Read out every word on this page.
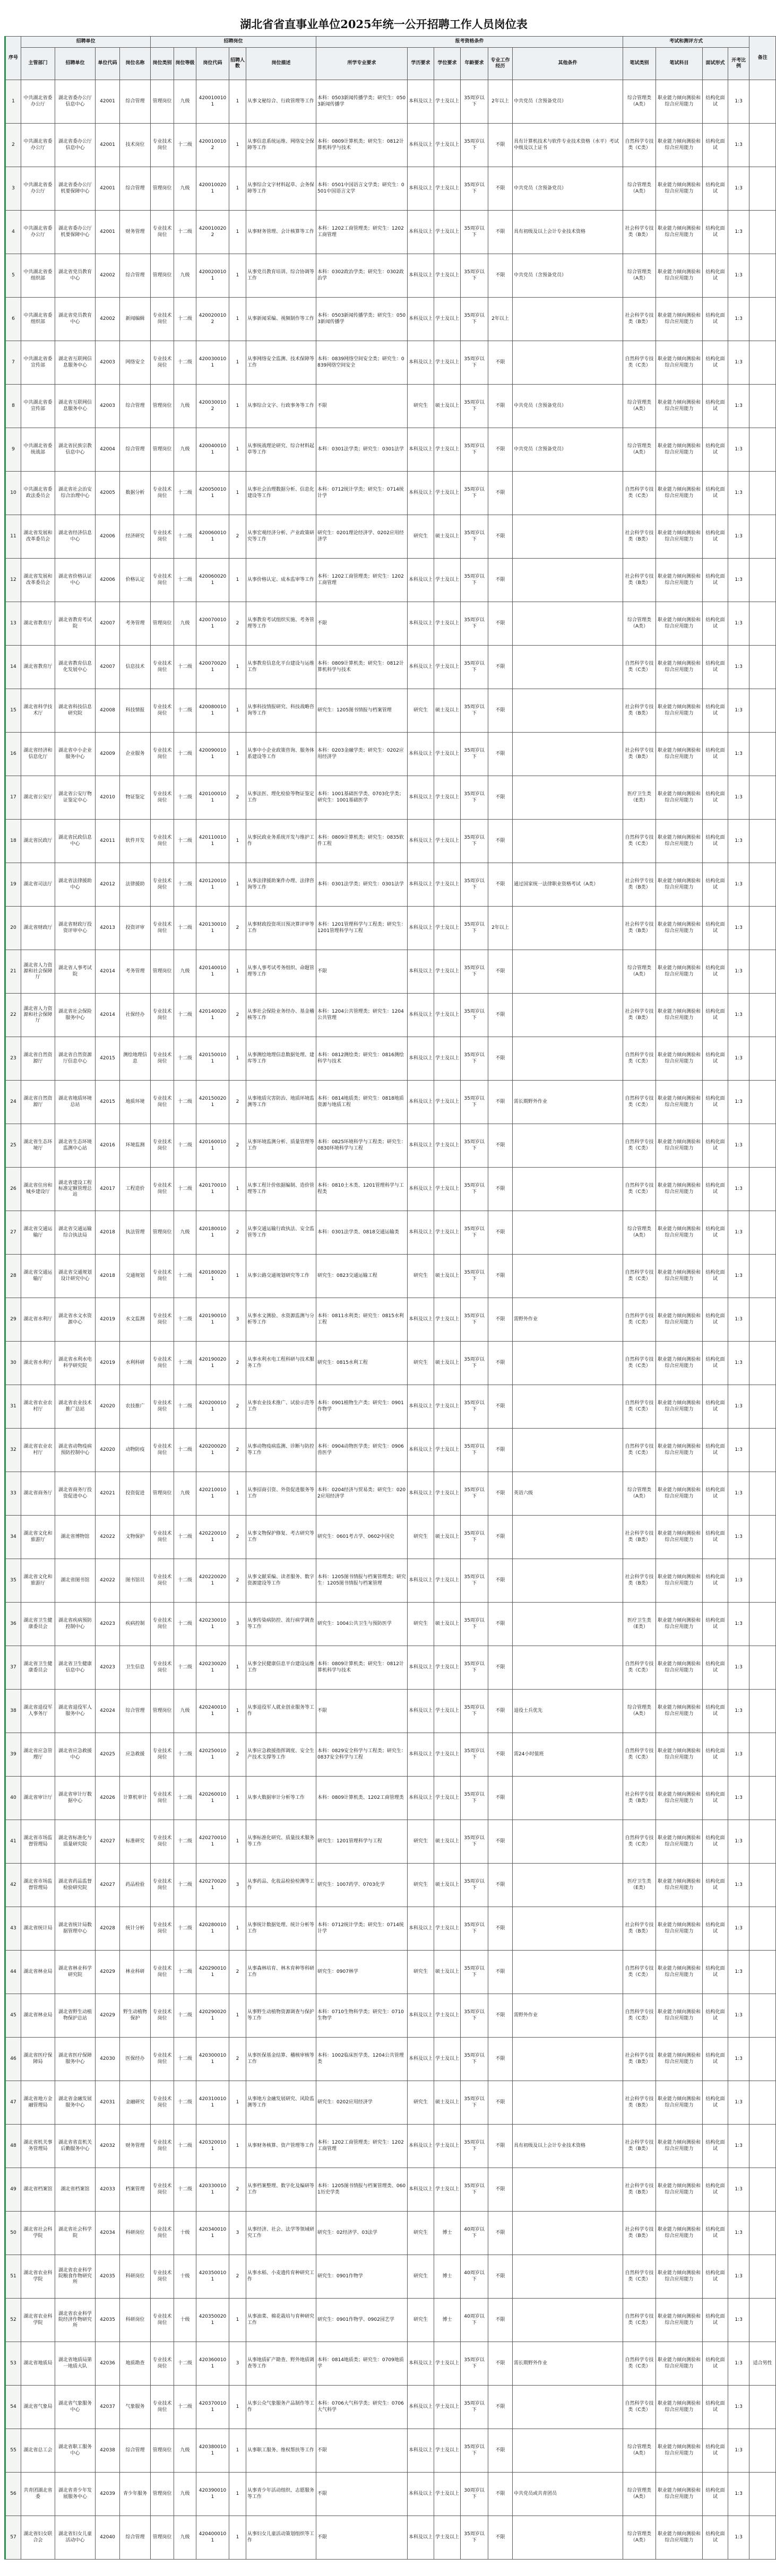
湖北省省直事业单位2025年统一公开招聘工作人员岗位表
序号	招聘单位				招聘岗位					报考资格条件						考试和测评方式				备注
	主管部门	招聘单位	单位代码	岗位名称	岗位类别	岗位等级	岗位代码	招聘人数	岗位描述	所学专业要求	学历要求	学位要求	年龄要求	专业工作经历	其他条件	笔试类别	笔试科目	面试形式	开考比例	
1	中共湖北省委办公厅	湖北省委办公厅信息中心	42001	综合管理	管理岗位	九级	4200100101	1	从事文秘综合、行政管理等工作	本科：0503新闻传播学类；研究生：0503新闻传播学	本科及以上	学士及以上	35周岁以下	2年以上	中共党员（含预备党员）	综合管理类（A类）	职业能力倾向测验和综合应用能力	结构化面试	1:3	
2	中共湖北省委办公厅	湖北省委办公厅信息中心	42001	技术岗位	专业技术岗位	十二级	4200100102	1	从事信息系统运维、网络安全保障等工作	本科：0809计算机类；研究生：0812计算机科学与技术	本科及以上	学士及以上	35周岁以下	不限	具有计算机技术与软件专业技术资格（水平）考试中级及以上证书	自然科学专技类（C类）	职业能力倾向测验和综合应用能力	结构化面试	1:3	
3	中共湖北省委办公厅	湖北省委办公厅机要保障中心	42001	综合管理	管理岗位	九级	4200100201	1	从事综合文字材料起草、会务保障等工作	本科：0501中国语言文学类；研究生：0501中国语言文学	本科及以上	学士及以上	35周岁以下	不限	中共党员（含预备党员）	综合管理类（A类）	职业能力倾向测验和综合应用能力	结构化面试	1:3	
4	中共湖北省委办公厅	湖北省委办公厅机要保障中心	42001	财务管理	专业技术岗位	十二级	4200100202	1	从事财务管理、会计核算等工作	本科：1202工商管理类；研究生：1202工商管理	本科及以上	学士及以上	35周岁以下	不限	具有初级及以上会计专业技术资格	社会科学专技类（B类）	职业能力倾向测验和综合应用能力	结构化面试	1:3	
5	中共湖北省委组织部	湖北省党员教育中心	42002	综合管理	管理岗位	九级	4200200101	1	从事党员教育培训、综合协调等工作	本科：0302政治学类；研究生：0302政治学	本科及以上	学士及以上	35周岁以下	不限	中共党员（含预备党员）	综合管理类（A类）	职业能力倾向测验和综合应用能力	结构化面试	1:3	
6	中共湖北省委组织部	湖北省党员教育中心	42002	新闻编辑	专业技术岗位	十二级	4200200102	1	从事新闻采编、视频制作等工作	本科：0503新闻传播学类；研究生：0503新闻传播学	本科及以上	学士及以上	35周岁以下	2年以上		社会科学专技类（B类）	职业能力倾向测验和综合应用能力	结构化面试	1:3	
7	中共湖北省委宣传部	湖北省互联网信息服务中心	42003	网络安全	专业技术岗位	十二级	4200300101	1	从事网络安全监测、技术保障等工作	本科：0839网络空间安全类；研究生：0839网络空间安全	本科及以上	学士及以上	35周岁以下	不限		自然科学专技类（C类）	职业能力倾向测验和综合应用能力	结构化面试	1:3	
8	中共湖北省委宣传部	湖北省互联网信息服务中心	42003	综合管理	管理岗位	九级	4200300102	1	从事综合文字、行政事务等工作	不限	研究生	硕士及以上	35周岁以下	不限	中共党员（含预备党员）	综合管理类（A类）	职业能力倾向测验和综合应用能力	结构化面试	1:3	
9	中共湖北省委统战部	湖北省民族宗教信息中心	42004	综合管理	管理岗位	九级	4200400101	1	从事统战理论研究、综合材料起草等工作	本科：0301法学类；研究生：0301法学	本科及以上	学士及以上	35周岁以下	不限	中共党员（含预备党员）	综合管理类（A类）	职业能力倾向测验和综合应用能力	结构化面试	1:3	
10	中共湖北省委政法委员会	湖北省社会治安综合治理中心	42005	数据分析	专业技术岗位	十二级	4200500101	1	从事社会治理数据分析、信息化建设等工作	本科：0712统计学类；研究生：0714统计学	本科及以上	学士及以上	35周岁以下	不限		自然科学专技类（C类）	职业能力倾向测验和综合应用能力	结构化面试	1:3	
11	湖北省发展和改革委员会	湖北省经济信息中心	42006	经济研究	专业技术岗位	十二级	4200600101	2	从事宏观经济分析、产业政策研究等工作	研究生：0201理论经济学、0202应用经济学	研究生	硕士及以上	35周岁以下	不限		社会科学专技类（B类）	职业能力倾向测验和综合应用能力	结构化面试	1:3	
12	湖北省发展和改革委员会	湖北省价格认证中心	42006	价格认定	专业技术岗位	十二级	4200600201	1	从事价格认定、成本监审等工作	本科：1202工商管理类；研究生：1202工商管理	本科及以上	学士及以上	35周岁以下	不限		社会科学专技类（B类）	职业能力倾向测验和综合应用能力	结构化面试	1:3	
13	湖北省教育厅	湖北省教育考试院	42007	考务管理	管理岗位	九级	4200700101	2	从事教育考试组织实施、考务管理等工作	不限	本科及以上	学士及以上	35周岁以下	不限		综合管理类（A类）	职业能力倾向测验和综合应用能力	结构化面试	1:3	
14	湖北省教育厅	湖北省教育信息化发展中心	42007	信息技术	专业技术岗位	十二级	4200700201	1	从事教育信息化平台建设与运维工作	本科：0809计算机类；研究生：0812计算机科学与技术	本科及以上	学士及以上	35周岁以下	不限		自然科学专技类（C类）	职业能力倾向测验和综合应用能力	结构化面试	1:3	
15	湖北省科学技术厅	湖北省科技信息研究院	42008	科技情报	专业技术岗位	十二级	4200800101	1	从事科技情报研究、科技战略咨询等工作	研究生：1205图书情报与档案管理	研究生	硕士及以上	35周岁以下	不限		社会科学专技类（B类）	职业能力倾向测验和综合应用能力	结构化面试	1:3	
16	湖北省经济和信息化厅	湖北省中小企业服务中心	42009	企业服务	专业技术岗位	十二级	4200900101	1	从事中小企业政策咨询、服务体系建设等工作	本科：0203金融学类；研究生：0202应用经济学	本科及以上	学士及以上	35周岁以下	不限		社会科学专技类（B类）	职业能力倾向测验和综合应用能力	结构化面试	1:3	
17	湖北省公安厅	湖北省公安厅物证鉴定中心	42010	物证鉴定	专业技术岗位	十二级	4201000101	2	从事法医、理化检验等物证鉴定工作	本科：1001基础医学类、0703化学类；研究生：1001基础医学	本科及以上	学士及以上	35周岁以下	不限		医疗卫生类（E类）	职业能力倾向测验和综合应用能力	结构化面试	1:3	
18	湖北省民政厅	湖北省民政信息中心	42011	软件开发	专业技术岗位	十二级	4201100101	1	从事民政业务系统开发与维护工作	本科：0809计算机类；研究生：0835软件工程	本科及以上	学士及以上	35周岁以下	不限		自然科学专技类（C类）	职业能力倾向测验和综合应用能力	结构化面试	1:3	
19	湖北省司法厅	湖北省法律援助中心	42012	法律援助	专业技术岗位	十二级	4201200101	1	从事法律援助案件办理、法律咨询等工作	本科：0301法学类；研究生：0301法学	本科及以上	学士及以上	35周岁以下	不限	通过国家统一法律职业资格考试（A类）	社会科学专技类（B类）	职业能力倾向测验和综合应用能力	结构化面试	1:3	
20	湖北省财政厅	湖北省财政厅投资评审中心	42013	投资评审	专业技术岗位	十二级	4201300101	2	从事财政投资项目预决算评审等工作	本科：1201管理科学与工程类；研究生：1201管理科学与工程	本科及以上	学士及以上	35周岁以下	2年以上		社会科学专技类（B类）	职业能力倾向测验和综合应用能力	结构化面试	1:3	
21	湖北省人力资源和社会保障厅	湖北省人事考试院	42014	考务管理	管理岗位	九级	4201400101	1	从事人事考试考务组织、命题管理等工作	不限	本科及以上	学士及以上	35周岁以下	不限		综合管理类（A类）	职业能力倾向测验和综合应用能力	结构化面试	1:3	
22	湖北省人力资源和社会保障厅	湖北省社会保险服务中心	42014	社保经办	专业技术岗位	十二级	4201400201	2	从事社会保险业务经办、基金稽核等工作	本科：1204公共管理类；研究生：1204公共管理	本科及以上	学士及以上	35周岁以下	不限		社会科学专技类（B类）	职业能力倾向测验和综合应用能力	结构化面试	1:3	
23	湖北省自然资源厅	湖北省自然资源厅信息中心	42015	测绘地理信息	专业技术岗位	十二级	4201500101	1	从事测绘地理信息数据处理、建库等工作	本科：0812测绘类；研究生：0816测绘科学与技术	本科及以上	学士及以上	35周岁以下	不限		自然科学专技类（C类）	职业能力倾向测验和综合应用能力	结构化面试	1:3	
24	湖北省自然资源厅	湖北省地质环境总站	42015	地质环境	专业技术岗位	十二级	4201500201	2	从事地质灾害防治、地质环境监测等工作	本科：0814地质类；研究生：0818地质资源与地质工程	本科及以上	学士及以上	35周岁以下	不限	需长期野外作业	自然科学专技类（C类）	职业能力倾向测验和综合应用能力	结构化面试	1:3	
25	湖北省生态环境厅	湖北省生态环境监测中心站	42016	环境监测	专业技术岗位	十二级	4201600101	2	从事环境监测分析、质量管理等工作	本科：0825环境科学与工程类；研究生：0830环境科学与工程	本科及以上	学士及以上	35周岁以下	不限		自然科学专技类（C类）	职业能力倾向测验和综合应用能力	结构化面试	1:3	
26	湖北省住房和城乡建设厅	湖北省建设工程标准定额管理总站	42017	工程造价	专业技术岗位	十二级	4201700101	1	从事工程计价依据编制、造价管理等工作	本科：0810土木类、1201管理科学与工程类	本科及以上	学士及以上	35周岁以下	不限		自然科学专技类（C类）	职业能力倾向测验和综合应用能力	结构化面试	1:3	
27	湖北省交通运输厅	湖北省交通运输综合执法局	42018	执法管理	管理岗位	九级	4201800101	2	从事交通运输行政执法、安全监管等工作	本科：0301法学类、0818交通运输类	本科及以上	学士及以上	35周岁以下	不限		综合管理类（A类）	职业能力倾向测验和综合应用能力	结构化面试	1:3	
28	湖北省交通运输厅	湖北省交通规划设计研究中心	42018	交通规划	专业技术岗位	十二级	4201800201	1	从事公路交通规划研究等工作	研究生：0823交通运输工程	研究生	硕士及以上	35周岁以下	不限		自然科学专技类（C类）	职业能力倾向测验和综合应用能力	结构化面试	1:3	
29	湖北省水利厅	湖北省水文水资源中心	42019	水文监测	专业技术岗位	十二级	4201900101	3	从事水文测验、水资源监测与分析等工作	本科：0811水利类；研究生：0815水利工程	本科及以上	学士及以上	35周岁以下	不限	需野外作业	自然科学专技类（C类）	职业能力倾向测验和综合应用能力	结构化面试	1:3	
30	湖北省水利厅	湖北省水利水电科学研究院	42019	水利科研	专业技术岗位	十二级	4201900201	2	从事水利水电工程科研与技术服务工作	研究生：0815水利工程	研究生	硕士及以上	35周岁以下	不限		自然科学专技类（C类）	职业能力倾向测验和综合应用能力	结构化面试	1:3	
31	湖北省农业农村厅	湖北省农业技术推广总站	42020	农技推广	专业技术岗位	十二级	4202000101	2	从事农业技术推广、试验示范等工作	本科：0901植物生产类；研究生：0901作物学	本科及以上	学士及以上	35周岁以下	不限		自然科学专技类（C类）	职业能力倾向测验和综合应用能力	结构化面试	1:3	
32	湖北省农业农村厅	湖北省动物疫病预防控制中心	42020	动物防疫	专业技术岗位	十二级	4202000201	2	从事动物疫病监测、诊断与防控等工作	本科：0904动物医学类；研究生：0906兽医学	本科及以上	学士及以上	35周岁以下	不限		自然科学专技类（C类）	职业能力倾向测验和综合应用能力	结构化面试	1:3	
33	湖北省商务厅	湖北省商务厅投资促进中心	42021	投资促进	管理岗位	九级	4202100101	1	从事招商引资、外资促进服务等工作	本科：0204经济与贸易类；研究生：0202应用经济学	本科及以上	学士及以上	35周岁以下	不限	英语六级	综合管理类（A类）	职业能力倾向测验和综合应用能力	结构化面试	1:3	
34	湖北省文化和旅游厅	湖北省博物馆	42022	文物保护	专业技术岗位	十二级	4202200101	2	从事文物保护修复、考古研究等工作	研究生：0601考古学、0602中国史	研究生	硕士及以上	35周岁以下	不限		社会科学专技类（B类）	职业能力倾向测验和综合应用能力	结构化面试	1:3	
35	湖北省文化和旅游厅	湖北省图书馆	42022	图书馆员	专业技术岗位	十二级	4202200201	2	从事文献采编、读者服务、数字资源建设等工作	本科：1205图书情报与档案管理类；研究生：1205图书情报与档案管理	本科及以上	学士及以上	35周岁以下	不限		社会科学专技类（B类）	职业能力倾向测验和综合应用能力	结构化面试	1:3	
36	湖北省卫生健康委员会	湖北省疾病预防控制中心	42023	疾病控制	专业技术岗位	十二级	4202300101	3	从事传染病防控、流行病学调查等工作	研究生：1004公共卫生与预防医学	研究生	硕士及以上	35周岁以下	不限		医疗卫生类（E类）	职业能力倾向测验和综合应用能力	结构化面试	1:3	
37	湖北省卫生健康委员会	湖北省卫生健康信息中心	42023	卫生信息	专业技术岗位	十二级	4202300201	1	从事全民健康信息平台建设运维工作	本科：0809计算机类；研究生：0812计算机科学与技术	本科及以上	学士及以上	35周岁以下	不限		自然科学专技类（C类）	职业能力倾向测验和综合应用能力	结构化面试	1:3	
38	湖北省退役军人事务厅	湖北省退役军人服务中心	42024	综合管理	管理岗位	九级	4202400101	1	从事退役军人就业创业服务等工作	不限	本科及以上	学士及以上	35周岁以下	不限	退役士兵优先	综合管理类（A类）	职业能力倾向测验和综合应用能力	结构化面试	1:3	
39	湖北省应急管理厅	湖北省应急救援中心	42025	应急救援	专业技术岗位	十二级	4202500101	2	从事应急救援指挥调度、安全生产技术支撑等工作	本科：0829安全科学与工程类；研究生：0837安全科学与工程	本科及以上	学士及以上	35周岁以下	不限	需24小时值班	自然科学专技类（C类）	职业能力倾向测验和综合应用能力	结构化面试	1:3	
40	湖北省审计厅	湖北省审计厅数据中心	42026	计算机审计	专业技术岗位	十二级	4202600101	1	从事大数据审计分析等工作	本科：0809计算机类、1202工商管理类	本科及以上	学士及以上	35周岁以下	不限		社会科学专技类（B类）	职业能力倾向测验和综合应用能力	结构化面试	1:3	
41	湖北省市场监督管理局	湖北省标准化与质量研究院	42027	标准研究	专业技术岗位	十二级	4202700101	1	从事标准化研究、质量技术服务等工作	研究生：1201管理科学与工程	研究生	硕士及以上	35周岁以下	不限		自然科学专技类（C类）	职业能力倾向测验和综合应用能力	结构化面试	1:3	
42	湖北省市场监督管理局	湖北省药品监督检验研究院	42027	药品检验	专业技术岗位	十二级	4202700201	3	从事药品、化妆品检验检测等工作	研究生：1007药学、0703化学	研究生	硕士及以上	35周岁以下	不限		医疗卫生类（E类）	职业能力倾向测验和综合应用能力	结构化面试	1:3	
43	湖北省统计局	湖北省统计局数据管理中心	42028	统计分析	专业技术岗位	十二级	4202800101	1	从事统计数据处理、统计分析等工作	本科：0712统计学类；研究生：0714统计学	本科及以上	学士及以上	35周岁以下	不限		社会科学专技类（B类）	职业能力倾向测验和综合应用能力	结构化面试	1:3	
44	湖北省林业局	湖北省林业科学研究院	42029	林业科研	专业技术岗位	十二级	4202900101	2	从事森林培育、林木育种等科研工作	研究生：0907林学	研究生	硕士及以上	35周岁以下	不限		自然科学专技类（C类）	职业能力倾向测验和综合应用能力	结构化面试	1:3	
45	湖北省林业局	湖北省野生动植物保护总站	42029	野生动植物保护	专业技术岗位	十二级	4202900201	1	从事野生动植物资源调查与保护等工作	本科：0710生物科学类；研究生：0710生物学	本科及以上	学士及以上	35周岁以下	不限	需野外作业	自然科学专技类（C类）	职业能力倾向测验和综合应用能力	结构化面试	1:3	
46	湖北省医疗保障局	湖北省医疗保障服务中心	42030	医保经办	专业技术岗位	十二级	4203000101	2	从事医保基金结算、稽核审核等工作	本科：1002临床医学类、1204公共管理类	本科及以上	学士及以上	35周岁以下	不限		社会科学专技类（B类）	职业能力倾向测验和综合应用能力	结构化面试	1:3	
47	湖北省地方金融管理局	湖北省金融发展服务中心	42031	金融研究	专业技术岗位	十二级	4203100101	1	从事地方金融发展研究、风险监测等工作	研究生：0202应用经济学	研究生	硕士及以上	35周岁以下	不限		社会科学专技类（B类）	职业能力倾向测验和综合应用能力	结构化面试	1:3	
48	湖北省机关事务管理局	湖北省省直机关后勤服务中心	42032	财务管理	专业技术岗位	十二级	4203200101	1	从事财务核算、资产管理等工作	本科：1202工商管理类；研究生：1202工商管理	本科及以上	学士及以上	35周岁以下	不限	具有初级及以上会计专业技术资格	社会科学专技类（B类）	职业能力倾向测验和综合应用能力	结构化面试	1:3	
49	湖北省档案馆	湖北省档案馆	42033	档案管理	专业技术岗位	十二级	4203300101	2	从事档案整理、数字化及编研等工作	本科：1205图书情报与档案管理类、0601历史学类	本科及以上	学士及以上	35周岁以下	不限		社会科学专技类（B类）	职业能力倾向测验和综合应用能力	结构化面试	1:3	
50	湖北省社会科学院	湖北省社会科学院	42034	科研岗位	专业技术岗位	十级	4203400101	3	从事经济、社会、法学等领域研究工作	研究生：02经济学、03法学	研究生	博士	40周岁以下	不限		社会科学专技类（B类）	职业能力倾向测验和综合应用能力	结构化面试	1:3	
51	湖北省农业科学院	湖北省农业科学院粮食作物研究所	42035	科研岗位	专业技术岗位	十级	4203500101	2	从事水稻、小麦遗传育种研究工作	研究生：0901作物学	研究生	博士	40周岁以下	不限		自然科学专技类（C类）	职业能力倾向测验和综合应用能力	结构化面试	1:3	
52	湖北省农业科学院	湖北省农业科学院经济作物研究所	42035	科研岗位	专业技术岗位	十级	4203500201	1	从事油菜、棉花栽培与育种研究工作	研究生：0901作物学、0902园艺学	研究生	博士	40周岁以下	不限		自然科学专技类（C类）	职业能力倾向测验和综合应用能力	结构化面试	1:3	
53	湖北省地质局	湖北省地质局第一地质大队	42036	地质勘查	专业技术岗位	十二级	4203600101	3	从事地质矿产勘查、野外地质调查等工作	本科：0814地质类；研究生：0709地质学	本科及以上	学士及以上	35周岁以下	不限	需长期野外作业	自然科学专技类（C类）	职业能力倾向测验和综合应用能力	结构化面试	1:3	适合男性
54	湖北省气象局	湖北省气象服务中心	42037	气象服务	专业技术岗位	十二级	4203700101	1	从事公众气象服务产品制作等工作	本科：0706大气科学类；研究生：0706大气科学	本科及以上	学士及以上	35周岁以下	不限		自然科学专技类（C类）	职业能力倾向测验和综合应用能力	结构化面试	1:3	
55	湖北省总工会	湖北省职工服务中心	42038	综合管理	管理岗位	九级	4203800101	1	从事职工服务、维权帮扶等工作	不限	本科及以上	学士及以上	35周岁以下	不限		综合管理类（A类）	职业能力倾向测验和综合应用能力	结构化面试	1:3	
56	共青团湖北省委	湖北省青少年发展服务中心	42039	青少年服务	管理岗位	九级	4203900101	1	从事青少年活动组织、志愿服务等工作	不限	本科及以上	学士及以上	30周岁以下	不限	中共党员或共青团员	综合管理类（A类）	职业能力倾向测验和综合应用能力	结构化面试	1:3	
57	湖北省妇女联合会	湖北省妇女儿童活动中心	42040	综合管理	管理岗位	九级	4204000101	1	从事妇女儿童活动策划组织等工作	不限	本科及以上	学士及以上	35周岁以下	不限		综合管理类（A类）	职业能力倾向测验和综合应用能力	结构化面试	1:3	
